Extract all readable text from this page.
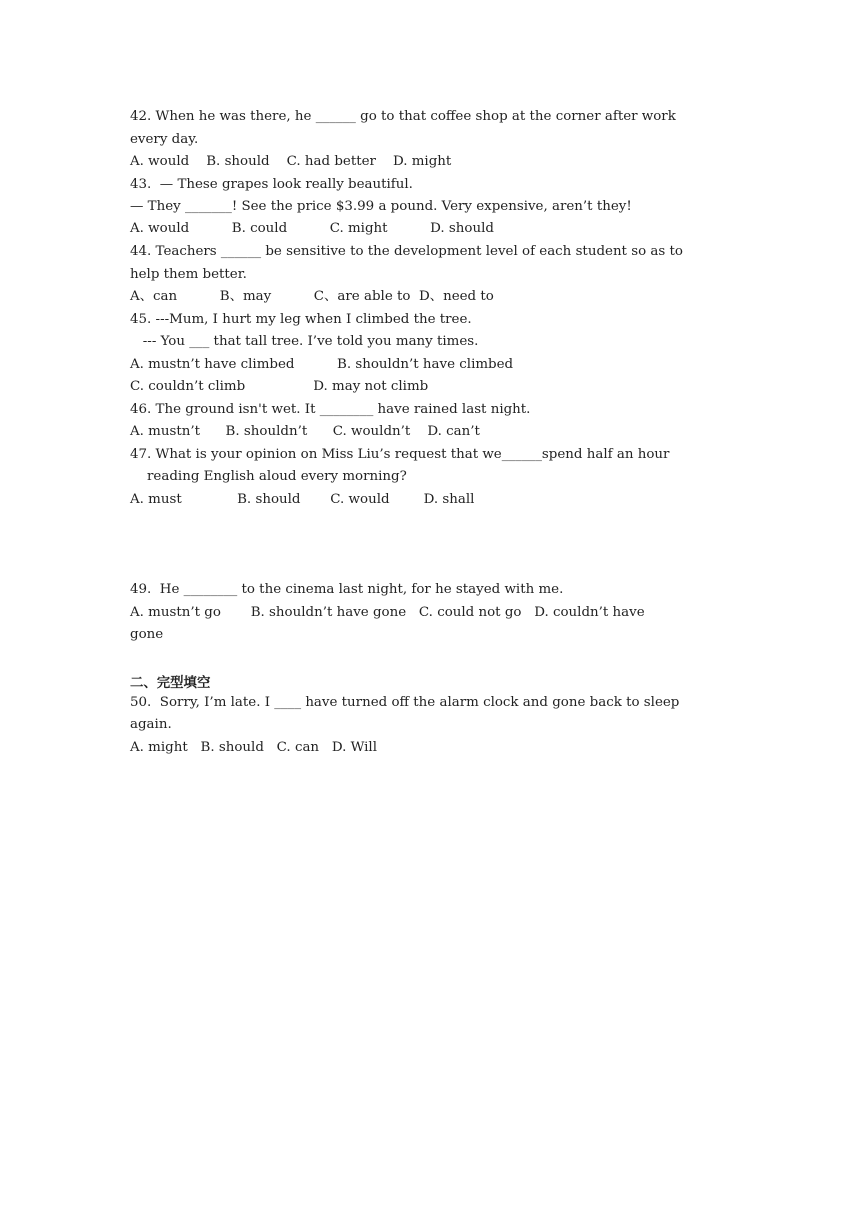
42. When he was there, he ______ go to that coffee shop at the corner after work
every day.
A. would    B. should    C. had better    D. might
43.  — These grapes look really beautiful.
— They _______! See the price $3.99 a pound. Very expensive, aren’t they!
A. would          B. could          C. might          D. should
44. Teachers ______ be sensitive to the development level of each student so as to
help them better.
A、can          B、may          C、are able to  D、need to
45. ---Mum, I hurt my leg when I climbed the tree.
--- You ___ that tall tree. I’ve told you many times.
A. mustn’t have climbed          B. shouldn’t have climbed
C. couldn’t climb                D. may not climb
46. The ground isn't wet. It ________ have rained last night.
A. mustn’t      B. shouldn’t      C. wouldn’t    D. can’t
47. What is your opinion on Miss Liu’s request that we______spend half an hour
reading English aloud every morning?
A. must             B. should       C. would        D. shall
49.  He ________ to the cinema last night, for he stayed with me.
A. mustn’t go       B. shouldn’t have gone   C. could not go   D. couldn’t have
gone
二、完型填空
50.  Sorry, I’m late. I ____ have turned off the alarm clock and gone back to sleep
again.
A. might   B. should   C. can   D. Will
